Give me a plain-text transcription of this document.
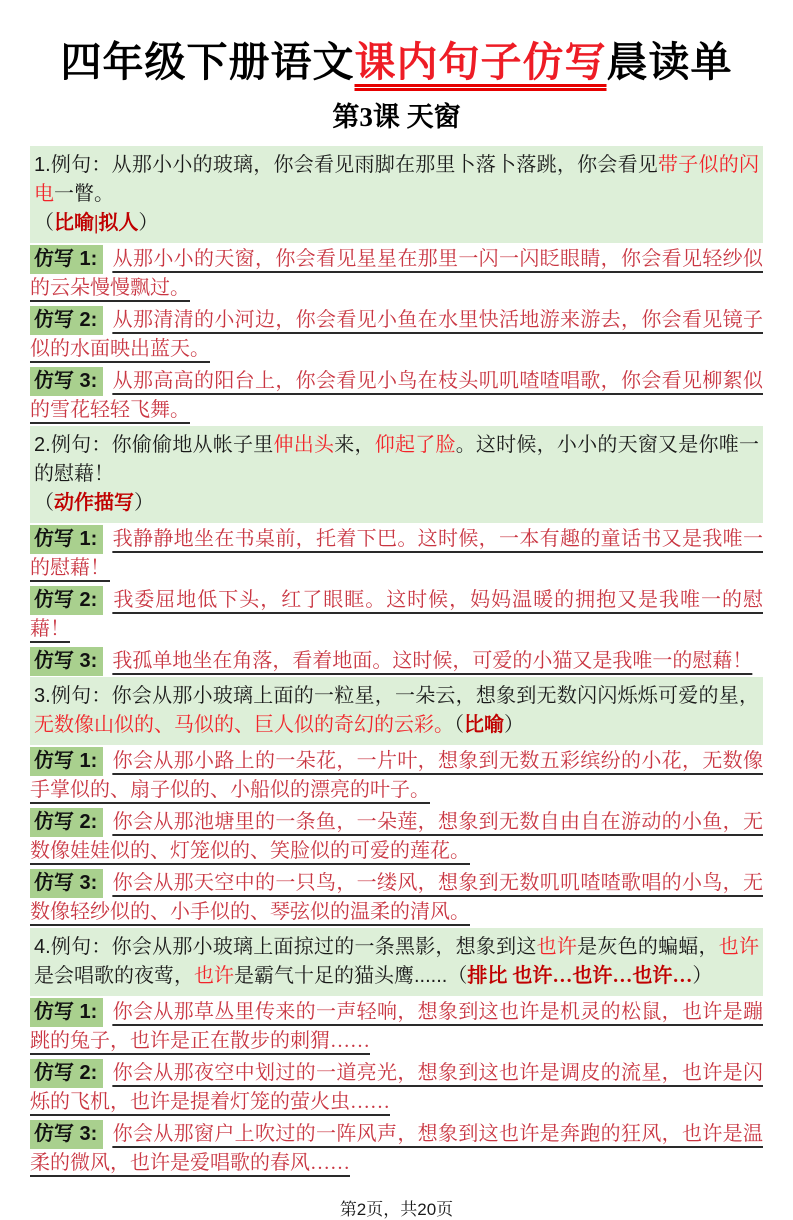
四年级下册语文课内句子仿写晨读单
第3课 天窗

1.例句：从那小小的玻璃，你会看见雨脚在那里卜落卜落跳，你会看见带子似的闪电一瞥。
（比喻|拟人）

仿写 1: 从那小小的天窗，你会看见星星在那里一闪一闪眨眼睛，你会看见轻纱似的云朵慢慢飘过。

仿写 2: 从那清清的小河边，你会看见小鱼在水里快活地游来游去，你会看见镜子似的水面映出蓝天。

仿写 3: 从那高高的阳台上，你会看见小鸟在枝头叽叽喳喳唱歌，你会看见柳絮似的雪花轻轻飞舞。

2.例句：你偷偷地从帐子里伸出头来，仰起了脸。这时候，小小的天窗又是你唯一的慰藉！
（动作描写）

仿写 1: 我静静地坐在书桌前，托着下巴。这时候，一本有趣的童话书又是我唯一的慰藉！

仿写 2: 我委屈地低下头，红了眼眶。这时候，妈妈温暖的拥抱又是我唯一的慰藉！

仿写 3: 我孤单地坐在角落，看着地面。这时候，可爱的小猫又是我唯一的慰藉！

3.例句：你会从那小玻璃上面的一粒星，一朵云，想象到无数闪闪烁烁可爱的星，无数像山似的、马似的、巨人似的奇幻的云彩。（比喻）

仿写 1: 你会从那小路上的一朵花，一片叶，想象到无数五彩缤纷的小花，无数像手掌似的、扇子似的、小船似的漂亮的叶子。

仿写 2: 你会从那池塘里的一条鱼，一朵莲，想象到无数自由自在游动的小鱼，无数像娃娃似的、灯笼似的、笑脸似的可爱的莲花。

仿写 3: 你会从那天空中的一只鸟，一缕风，想象到无数叽叽喳喳歌唱的小鸟，无数像轻纱似的、小手似的、琴弦似的温柔的清风。

4.例句：你会从那小玻璃上面掠过的一条黑影，想象到这也许是灰色的蝙蝠，也许是会唱歌的夜莺，也许是霸气十足的猫头鹰......（排比 也许…也许…也许…）

仿写 1: 你会从那草丛里传来的一声轻响，想象到这也许是机灵的松鼠，也许是蹦跳的兔子，也许是正在散步的刺猬……

仿写 2: 你会从那夜空中划过的一道亮光，想象到这也许是调皮的流星，也许是闪烁的飞机，也许是提着灯笼的萤火虫……

仿写 3: 你会从那窗户上吹过的一阵风声，想象到这也许是奔跑的狂风，也许是温柔的微风，也许是爱唱歌的春风……

第2页，共20页
